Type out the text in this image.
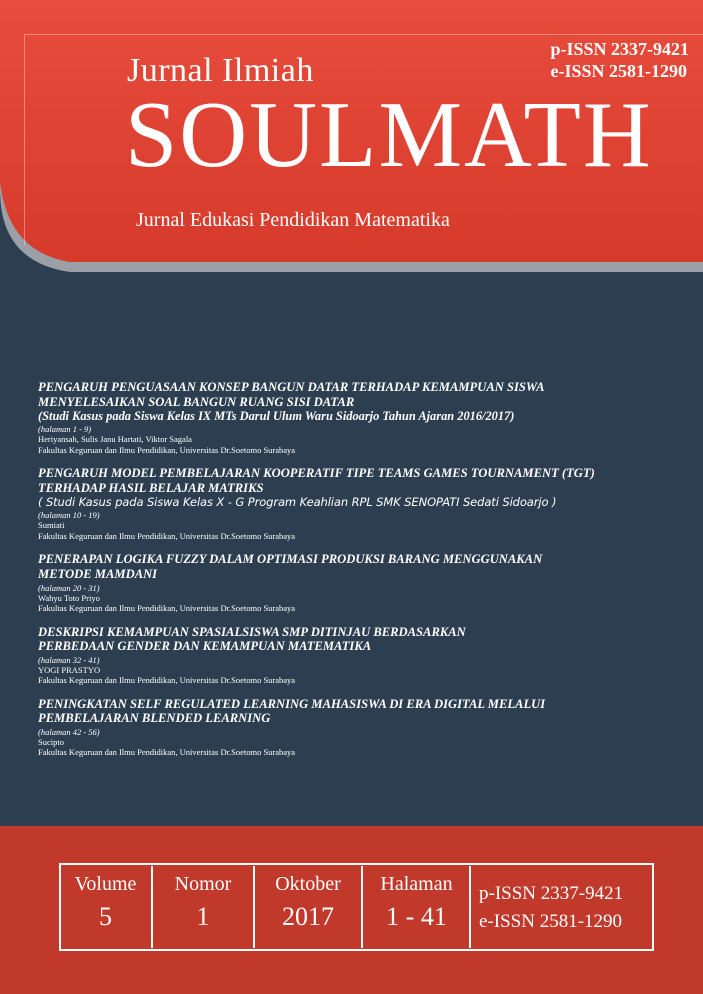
Jurnal Ilmiah
SOULMATH
Jurnal Edukasi Pendidikan Matematika
p-ISSN 2337-9421
e-ISSN 2581-1290
PENGARUH PENGUASAAN KONSEP BANGUN DATAR TERHADAP KEMAMPUAN SISWA
MENYELESAIKAN SOAL BANGUN RUANG SISI DATAR
(Studi Kasus pada Siswa Kelas IX MTs Darul Ulum Waru Sidoarjo Tahun Ajaran 2016/2017)
(halaman 1 - 9)
Heriyansah, Sulis Janu Hartati, Viktor Sagala
Fakultas Keguruan dan Ilmu Pendidikan, Universitas Dr.Soetomo Surabaya
PENGARUH MODEL PEMBELAJARAN KOOPERATIF TIPE TEAMS GAMES TOURNAMENT (TGT)
TERHADAP HASIL BELAJAR MATRIKS
( Studi Kasus pada Siswa Kelas X - G Program Keahlian RPL SMK SENOPATI Sedati Sidoarjo )
(halaman 10 - 19)
Sumiati
Fakultas Keguruan dan Ilmu Pendidikan, Universitas Dr.Soetomo Surabaya
PENERAPAN LOGIKA FUZZY DALAM OPTIMASI PRODUKSI BARANG MENGGUNAKAN
METODE MAMDANI
(halaman 20 - 31)
Wahyu Toto Priyo
Fakultas Keguruan dan Ilmu Pendidikan, Universitas Dr.Soetomo Surabaya
DESKRIPSI KEMAMPUAN SPASIALSISWA SMP DITINJAU BERDASARKAN
PERBEDAAN GENDER DAN KEMAMPUAN MATEMATIKA
(halaman 32 - 41)
YOGI PRASTYO
Fakultas Keguruan dan Ilmu Pendidikan, Universitas Dr.Soetomo Surabaya
PENINGKATAN SELF REGULATED LEARNING MAHASISWA DI ERA DIGITAL MELALUI
PEMBELAJARAN BLENDED LEARNING
(halaman 42 - 56)
Sucipto
Fakultas Keguruan dan Ilmu Pendidikan, Universitas Dr.Soetomo Surabaya
Volume
5
Nomor
1
Oktober
2017
Halaman
1 - 41
p-ISSN 2337-9421
e-ISSN 2581-1290
